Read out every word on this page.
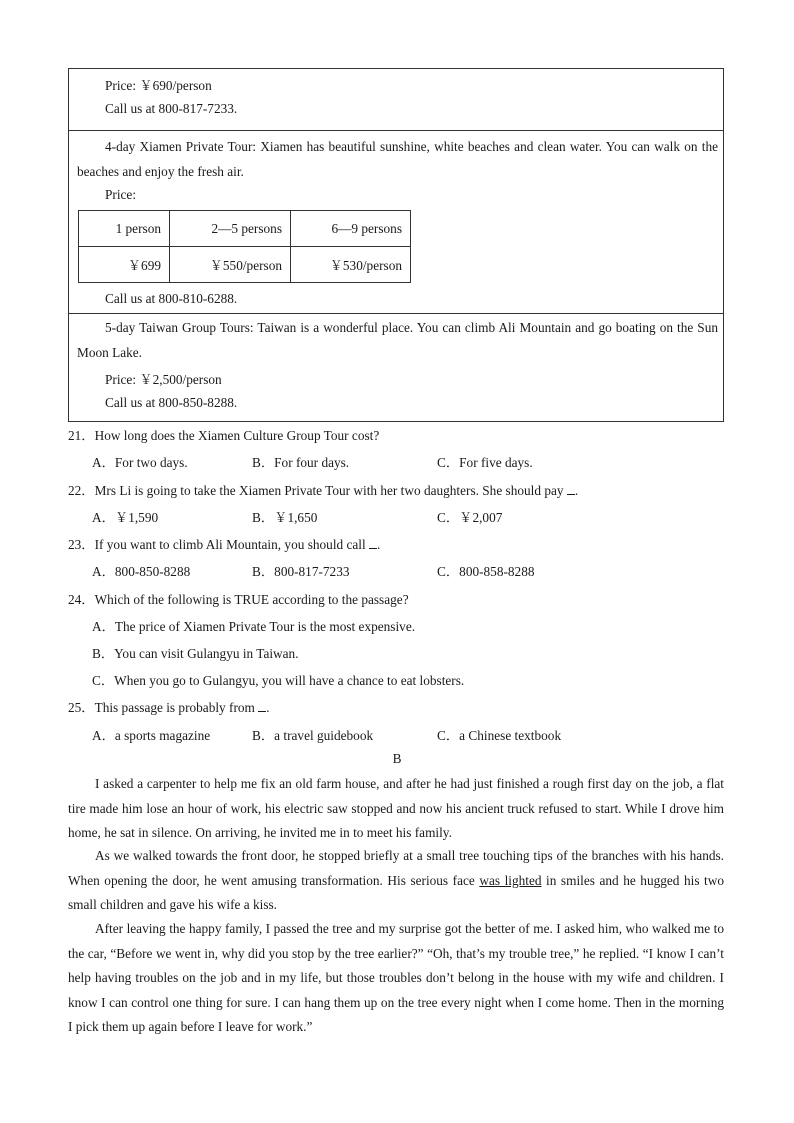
Price: ￥690/person
Call us at 800-817-7233.

4-day Xiamen Private Tour: Xiamen has beautiful sunshine, white beaches and clean water. You can walk on the beaches and enjoy the fresh air.

Price:
1 person	2—5 persons	6—9 persons
￥699	￥550/person	￥530/person
Call us at 800-810-6288.

5-day Taiwan Group Tours: Taiwan is a wonderful place. You can climb Ali Mountain and go boating on the Sun Moon Lake.

Price: ￥2,500/person
Call us at 800-850-8288.
21．How long does the Xiamen Culture Group Tour cost?
A．For two days.	B．For four days.	C．For five days.
22．Mrs Li is going to take the Xiamen Private Tour with her two daughters. She should pay .
A．￥1,590	B．￥1,650	C．￥2,007
23．If you want to climb Ali Mountain, you should call .
A．800-850-8288	B．800-817-7233	C．800-858-8288
24．Which of the following is TRUE according to the passage?
A．The price of Xiamen Private Tour is the most expensive.
B．You can visit Gulangyu in Taiwan.
C．When you go to Gulangyu, you will have a chance to eat lobsters.
25．This passage is probably from .
A．a sports magazine	B．a travel guidebook	C．a Chinese textbook
B

I asked a carpenter to help me fix an old farm house, and after he had just finished a rough first day on the job, a flat tire made him lose an hour of work, his electric saw stopped and now his ancient truck refused to start. While I drove him home, he sat in silence. On arriving, he invited me in to meet his family.

As we walked towards the front door, he stopped briefly at a small tree touching tips of the branches with his hands. When opening the door, he went amusing transformation. His serious face was lighted in smiles and he hugged his two small children and gave his wife a kiss.

After leaving the happy family, I passed the tree and my surprise got the better of me. I asked him, who walked me to the car, “Before we went in, why did you stop by the tree earlier?” “Oh, that’s my trouble tree,” he replied. “I know I can’t help having troubles on the job and in my life, but those troubles don’t belong in the house with my wife and children. I know I can control one thing for sure. I can hang them up on the tree every night when I come home. Then in the morning I pick them up again before I leave for work.”
